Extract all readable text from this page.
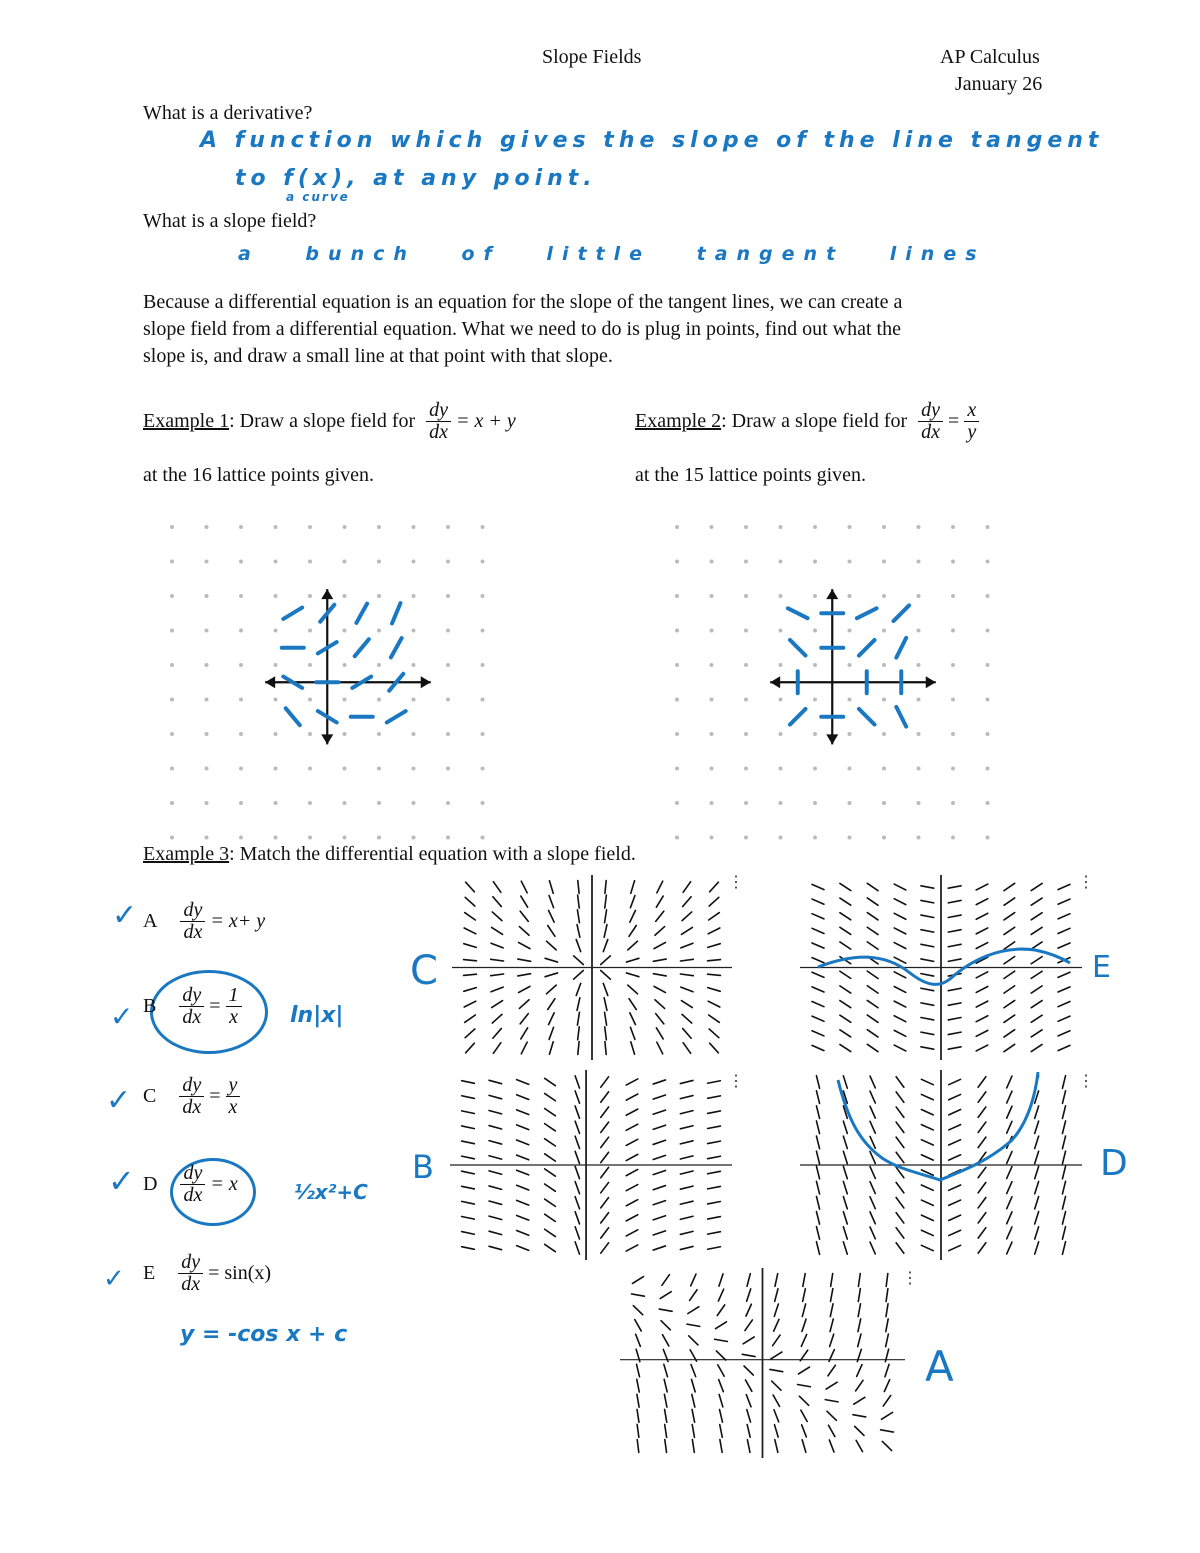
Slope Fields	AP Calculus
January 26
What is a derivative?
A function which gives the slope of the line tangent
to f(x), at any point.
a curve
What is a slope field?
a bunch of little tangent lines
Because a differential equation is an equation for the slope of the tangent lines, we can create a
slope field from a differential equation. What we need to do is plug in points, find out what the
slope is, and draw a small line at that point with that slope.
Example 1: Draw a slope field for $\frac{dy}{dx} = x + y$
at the 16 lattice points given.
Example 2: Draw a slope field for $\frac{dy}{dx} = \frac{x}{y}$
at the 15 lattice points given.
Example 3: Match the differential equation with a slope field.
✓ A $\frac{dy}{dx} = x+ y$
✓ B $\frac{dy}{dx} = \frac{1}{x} \ln|x|$
✓ C $\frac{dy}{dx} = \frac{y}{x}$
✓ D $\frac{dy}{dx} = x$	½x²+C
✓ E $\frac{dy}{dx} = \sin(x)$
y = -cos x + c
⋮	⋮
⋮	⋮
⋮
C	E
B	D
A
